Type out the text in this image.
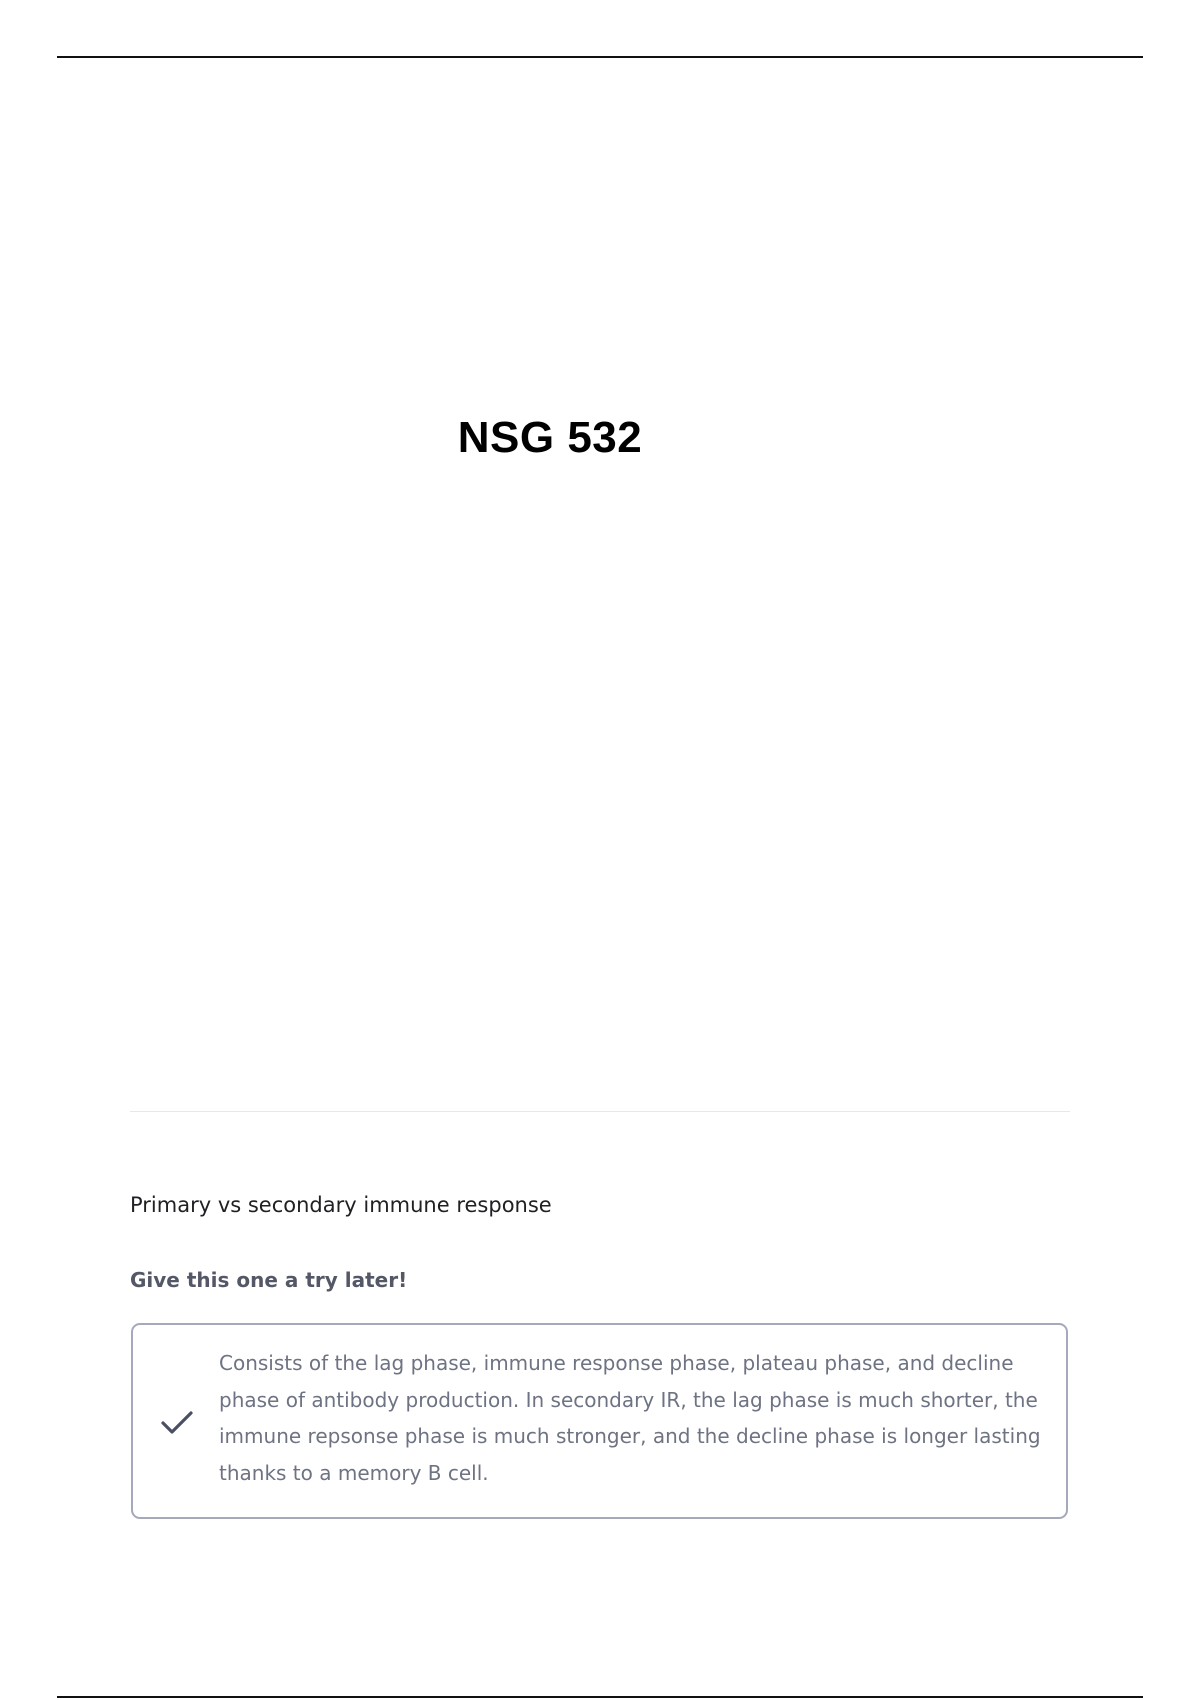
NSG 532
Primary vs secondary immune response
Give this one a try later!
Consists of the lag phase, immune response phase, plateau phase, and decline phase of antibody production. In secondary IR, the lag phase is much shorter, the immune repsonse phase is much stronger, and the decline phase is longer lasting thanks to a memory B cell.
